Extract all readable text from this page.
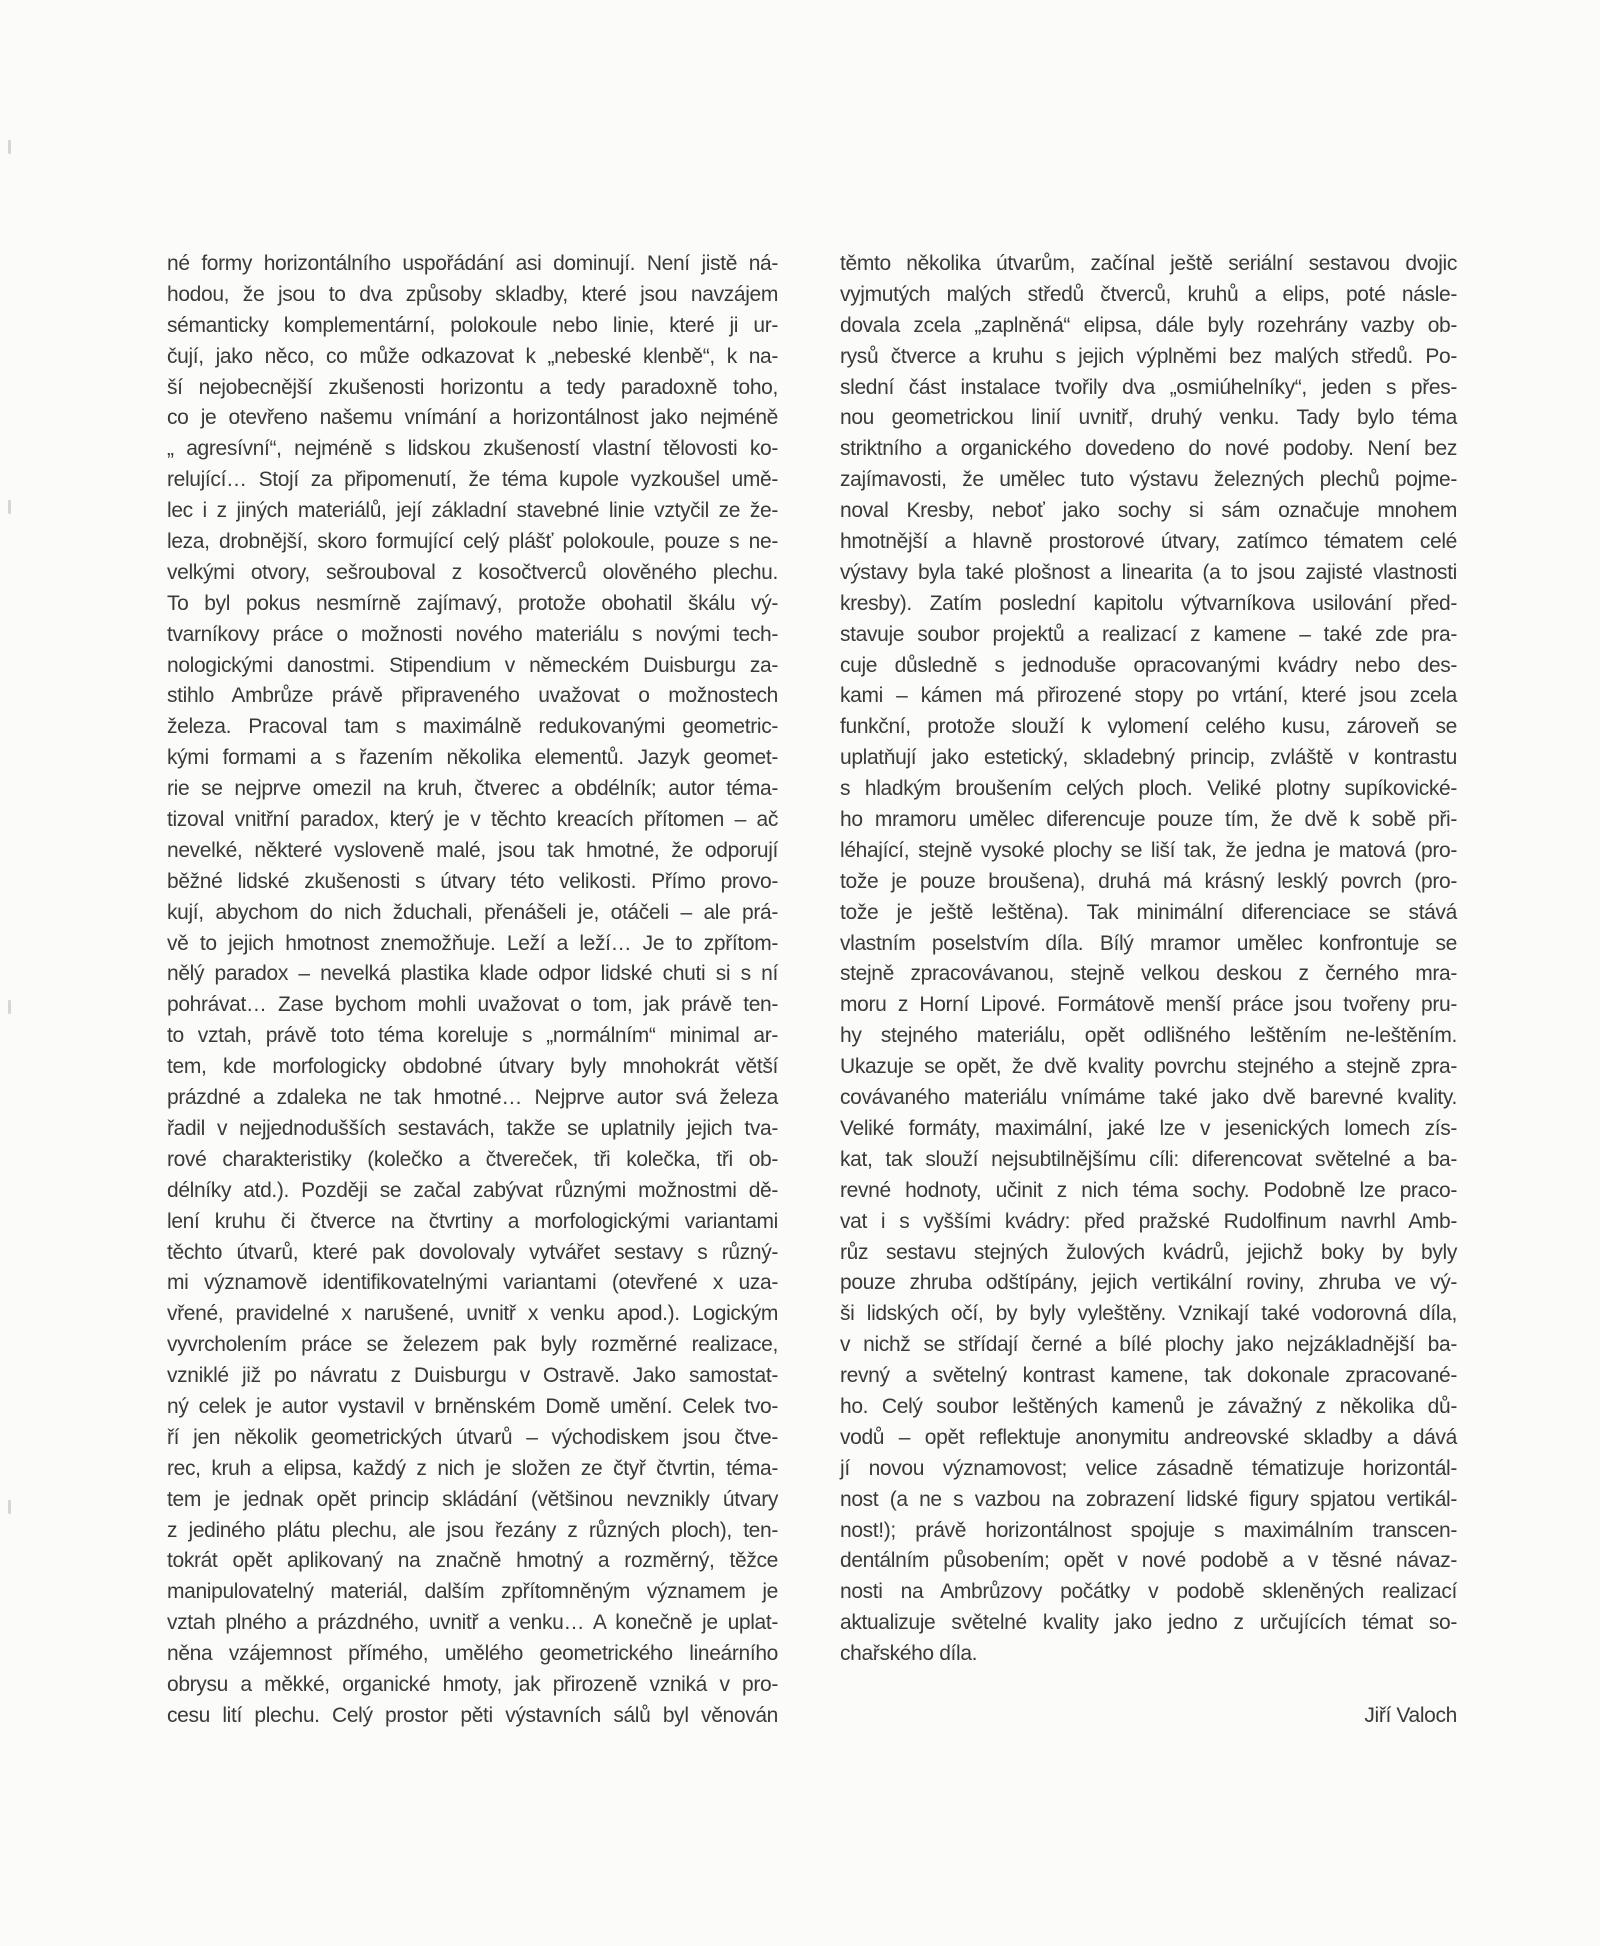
né formy horizontálního uspořádání asi dominují. Není jistě ná-
hodou, že jsou to dva způsoby skladby, které jsou navzájem
sémanticky komplementární, polokoule nebo linie, které ji ur-
čují, jako něco, co může odkazovat k „nebeské klenbě“, k na-
ší nejobecnější zkušenosti horizontu a tedy paradoxně toho,
co je otevřeno našemu vnímání a horizontálnost jako nejméně
„ agresívní“, nejméně s lidskou zkušeností vlastní tělovosti ko-
relující… Stojí za připomenutí, že téma kupole vyzkoušel umě-
lec i z jiných materiálů, její základní stavebné linie vztyčil ze že-
leza, drobnější, skoro formující celý plášť polokoule, pouze s ne-
velkými otvory, sešrouboval z kosočtverců olověného plechu.
To byl pokus nesmírně zajímavý, protože obohatil škálu vý-
tvarníkovy práce o možnosti nového materiálu s novými tech-
nologickými danostmi. Stipendium v německém Duisburgu za-
stihlo Ambrůze právě připraveného uvažovat o možnostech
železa. Pracoval tam s maximálně redukovanými geometric-
kými formami a s řazením několika elementů. Jazyk geomet-
rie se nejprve omezil na kruh, čtverec a obdélník; autor téma-
tizoval vnitřní paradox, který je v těchto kreacích přítomen – ač
nevelké, některé vysloveně malé, jsou tak hmotné, že odporují
běžné lidské zkušenosti s útvary této velikosti. Přímo provo-
kují, abychom do nich žduchali, přenášeli je, otáčeli – ale prá-
vě to jejich hmotnost znemožňuje. Leží a leží… Je to zpřítom-
nělý paradox – nevelká plastika klade odpor lidské chuti si s ní
pohrávat… Zase bychom mohli uvažovat o tom, jak právě ten-
to vztah, právě toto téma koreluje s „normálním“ minimal ar-
tem, kde morfologicky obdobné útvary byly mnohokrát větší
prázdné a zdaleka ne tak hmotné… Nejprve autor svá železa
řadil v nejjednodušších sestavách, takže se uplatnily jejich tva-
rové charakteristiky (kolečko a čtvereček, tři kolečka, tři ob-
délníky atd.). Později se začal zabývat různými možnostmi dě-
lení kruhu či čtverce na čtvrtiny a morfologickými variantami
těchto útvarů, které pak dovolovaly vytvářet sestavy s různý-
mi významově identifikovatelnými variantami (otevřené x uza-
vřené, pravidelné x narušené, uvnitř x venku apod.). Logickým
vyvrcholením práce se železem pak byly rozměrné realizace,
vzniklé již po návratu z Duisburgu v Ostravě. Jako samostat-
ný celek je autor vystavil v brněnském Domě umění. Celek tvo-
ří jen několik geometrických útvarů – východiskem jsou čtve-
rec, kruh a elipsa, každý z nich je složen ze čtyř čtvrtin, téma-
tem je jednak opět princip skládání (většinou nevznikly útvary
z jediného plátu plechu, ale jsou řezány z různých ploch), ten-
tokrát opět aplikovaný na značně hmotný a rozměrný, těžce
manipulovatelný materiál, dalším zpřítomněným významem je
vztah plného a prázdného, uvnitř a venku… A konečně je uplat-
něna vzájemnost přímého, umělého geometrického lineárního
obrysu a měkké, organické hmoty, jak přirozeně vzniká v pro-
cesu lití plechu. Celý prostor pěti výstavních sálů byl věnován
těmto několika útvarům, začínal ještě seriální sestavou dvojic
vyjmutých malých středů čtverců, kruhů a elips, poté násle-
dovala zcela „zaplněná“ elipsa, dále byly rozehrány vazby ob-
rysů čtverce a kruhu s jejich výplněmi bez malých středů. Po-
slední část instalace tvořily dva „osmiúhelníky“, jeden s přes-
nou geometrickou linií uvnitř, druhý venku. Tady bylo téma
striktního a organického dovedeno do nové podoby. Není bez
zajímavosti, že umělec tuto výstavu železných plechů pojme-
noval Kresby, neboť jako sochy si sám označuje mnohem
hmotnější a hlavně prostorové útvary, zatímco tématem celé
výstavy byla také plošnost a linearita (a to jsou zajisté vlastnosti
kresby). Zatím poslední kapitolu výtvarníkova usilování před-
stavuje soubor projektů a realizací z kamene – také zde pra-
cuje důsledně s jednoduše opracovanými kvádry nebo des-
kami – kámen má přirozené stopy po vrtání, které jsou zcela
funkční, protože slouží k vylomení celého kusu, zároveň se
uplatňují jako estetický, skladebný princip, zvláště v kontrastu
s hladkým broušením celých ploch. Veliké plotny supíkovické-
ho mramoru umělec diferencuje pouze tím, že dvě k sobě při-
léhající, stejně vysoké plochy se liší tak, že jedna je matová (pro-
tože je pouze broušena), druhá má krásný lesklý povrch (pro-
tože je ještě leštěna). Tak minimální diferenciace se stává
vlastním poselstvím díla. Bílý mramor umělec konfrontuje se
stejně zpracovávanou, stejně velkou deskou z černého mra-
moru z Horní Lipové. Formátově menší práce jsou tvořeny pru-
hy stejného materiálu, opět odlišného leštěním ne-leštěním.
Ukazuje se opět, že dvě kvality povrchu stejného a stejně zpra-
covávaného materiálu vnímáme také jako dvě barevné kvality.
Veliké formáty, maximální, jaké lze v jesenických lomech zís-
kat, tak slouží nejsubtilnějšímu cíli: diferencovat světelné a ba-
revné hodnoty, učinit z nich téma sochy. Podobně lze praco-
vat i s vyššími kvádry: před pražské Rudolfinum navrhl Amb-
růz sestavu stejných žulových kvádrů, jejichž boky by byly
pouze zhruba odštípány, jejich vertikální roviny, zhruba ve vý-
ši lidských očí, by byly vyleštěny. Vznikají také vodorovná díla,
v nichž se střídají černé a bílé plochy jako nejzákladnější ba-
revný a světelný kontrast kamene, tak dokonale zpracované-
ho. Celý soubor leštěných kamenů je závažný z několika dů-
vodů – opět reflektuje anonymitu andreovské skladby a dává
jí novou významovost; velice zásadně tématizuje horizontál-
nost (a ne s vazbou na zobrazení lidské figury spjatou vertikál-
nost!); právě horizontálnost spojuje s maximálním transcen-
dentálním působením; opět v nové podobě a v těsné návaz-
nosti na Ambrůzovy počátky v podobě skleněných realizací
aktualizuje světelné kvality jako jedno z určujících témat so-
chařského díla.
Jiří Valoch
